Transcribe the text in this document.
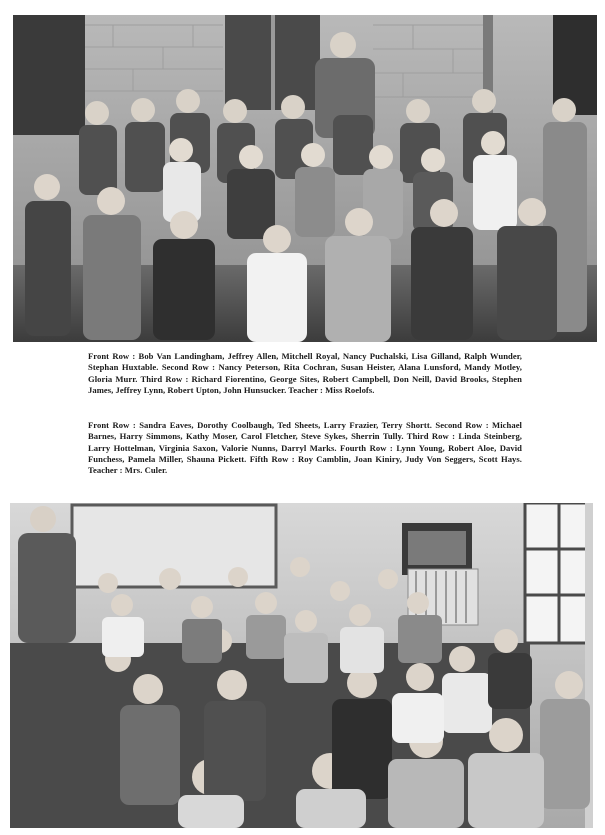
Front Row : Bob Van Landingham, Jeffrey Allen, Mitchell Royal, Nancy Puchalski, Lisa Gilland, Ralph Wunder, Stephan Huxtable. Second Row : Nancy Peterson, Rita Cochran, Susan Heister, Alana Lunsford, Mandy Motley, Gloria Murr. Third Row : Richard Fiorentino, George Sites, Robert Campbell, Don Neill, David Brooks, Stephen James, Jeffrey Lynn, Robert Upton, John Hunsucker. Teacher : Miss Roelofs.
Front Row : Sandra Eaves, Dorothy Coolbaugh, Ted Sheets, Larry Frazier, Terry Shortt. Second Row : Michael Barnes, Harry Simmons, Kathy Moser, Carol Fletcher, Steve Sykes, Sherrin Tully. Third Row : Linda Steinberg, Larry Hottelman, Virginia Saxon, Valorie Nunns, Darryl Marks. Fourth Row : Lynn Young, Robert Aloe, David Funchess, Pamela Miller, Shauna Pickett. Fifth Row : Roy Camblin, Joan Kiniry, Judy Von Seggers, Scott Hays. Teacher : Mrs. Culer.
